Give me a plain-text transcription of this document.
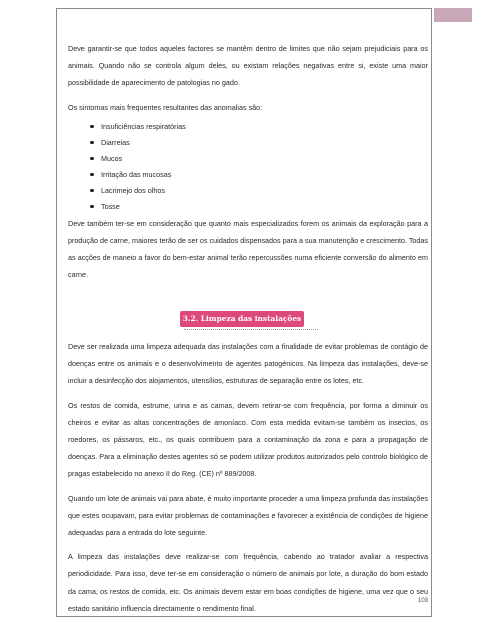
Deve garantir-se que todos aqueles factores se mantêm dentro de limites que não sejam prejudiciais para os animais. Quando não se controla algum deles, ou existam relações negativas entre si, existe uma maior possibilidade de aparecimento de patologias no gado.

Os sintomas mais frequentes resultantes das anomalias são:

Insuficiências respiratórias
Diarreias
Mucos
Irritação das mucosas
Lacrimejo dos olhos
Tosse

Deve também ter-se em consideração que quanto mais especializados forem os animais da exploração para a produção de carne, maiores terão de ser os cuidados dispensados para a sua manutenção e crescimento. Todas as acções de maneio a favor do bem-estar animal terão repercussões numa eficiente conversão do alimento em carne.

3.2. Limpeza das instalações

Deve ser realizada uma limpeza adequada das instalações com a finalidade de evitar problemas de contágio de doenças entre os animais e o desenvolvimento de agentes patogénicos. Na limpeza das instalações, deve-se incluir a desinfecção dos alojamentos, utensílios, estruturas de separação entre os lotes, etc.

Os restos de comida, estrume, urina e as camas, devem retirar-se com frequência, por forma a diminuir os cheiros e evitar as altas concentrações de amoníaco. Com esta medida evitam-se também os insectos, os roedores, os pássaros, etc., os quais contribuem para a contaminação da zona e para a propagação de doenças. Para a eliminação destes agentes só se podem utilizar produtos autorizados pelo controlo biológico de pragas estabelecido no anexo II do Reg. (CE) nº 889/2008.

Quando um lote de animais vai para abate, é muito importante proceder a uma limpeza profunda das instalações que estes ocupavam, para evitar problemas de contaminações e favorecer a existência de condições de higiene adequadas para a entrada do lote seguinte.

A limpeza das instalações deve realizar-se com frequência, cabendo ao tratador avaliar a respectiva periodicidade. Para isso, deve ter-se em consideração o número de animais por lote, a duração do bom estado da cama, os restos de comida, etc. Os animais devem estar em boas condições de higiene, uma vez que o seu estado sanitário influencia directamente o rendimento final.

103
